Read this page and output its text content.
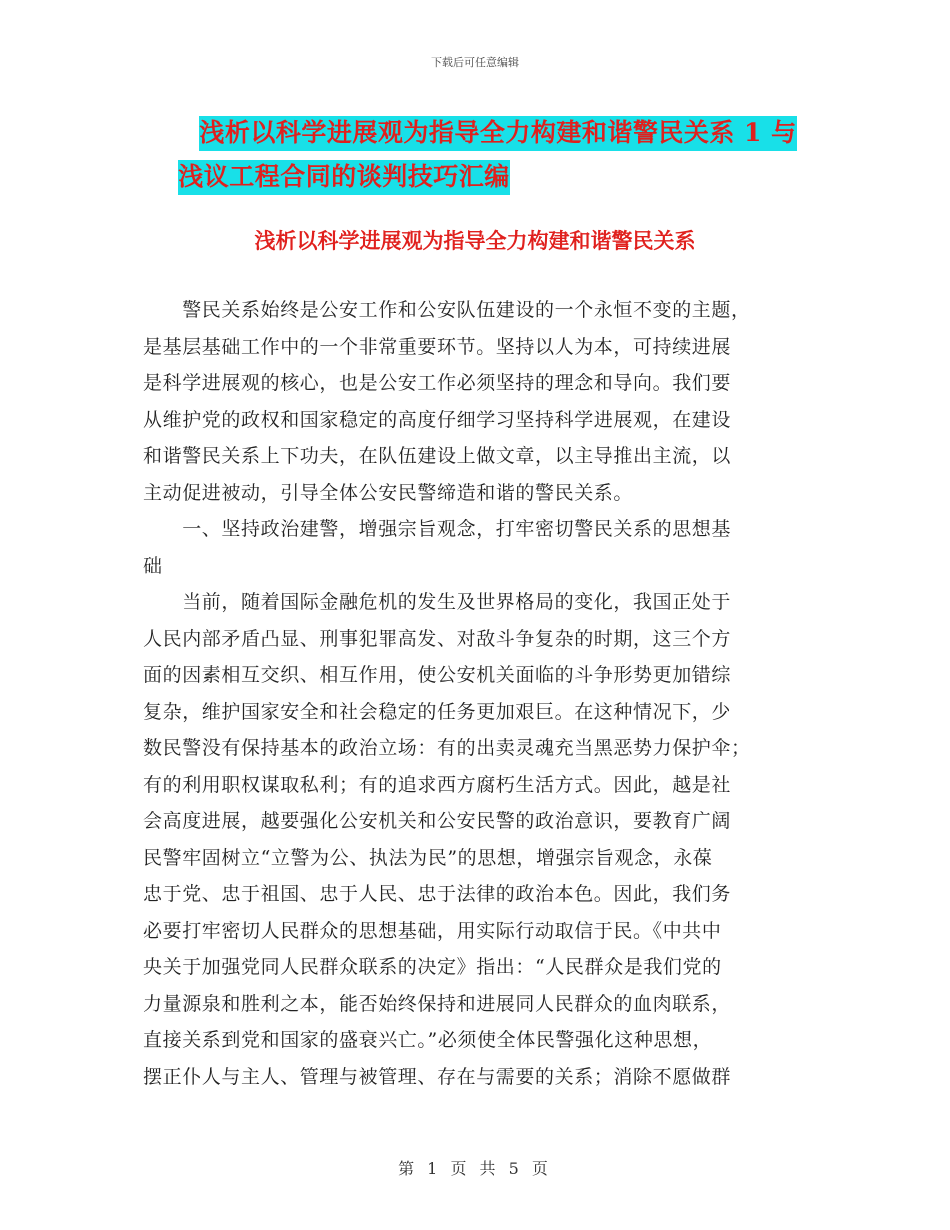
下载后可任意编辑
浅析以科学进展观为指导全力构建和谐警民关系 1 与
浅议工程合同的谈判技巧汇编
浅析以科学进展观为指导全力构建和谐警民关系
　　警民关系始终是公安工作和公安队伍建设的一个永恒不变的主题，
是基层基础工作中的一个非常重要环节。坚持以人为本，可持续进展
是科学进展观的核心，也是公安工作必须坚持的理念和导向。我们要
从维护党的政权和国家稳定的高度仔细学习坚持科学进展观，在建设
和谐警民关系上下功夫，在队伍建设上做文章，以主导推出主流，以
主动促进被动，引导全体公安民警缔造和谐的警民关系。
　　一、坚持政治建警，增强宗旨观念，打牢密切警民关系的思想基
础
　　当前，随着国际金融危机的发生及世界格局的变化，我国正处于
人民内部矛盾凸显、刑事犯罪高发、对敌斗争复杂的时期，这三个方
面的因素相互交织、相互作用，使公安机关面临的斗争形势更加错综
复杂，维护国家安全和社会稳定的任务更加艰巨。在这种情况下，少
数民警没有保持基本的政治立场：有的出卖灵魂充当黑恶势力保护伞；
有的利用职权谋取私利；有的追求西方腐朽生活方式。因此，越是社
会高度进展，越要强化公安机关和公安民警的政治意识，要教育广阔
民警牢固树立“立警为公、执法为民”的思想，增强宗旨观念，永葆
忠于党、忠于祖国、忠于人民、忠于法律的政治本色。因此，我们务
必要打牢密切人民群众的思想基础，用实际行动取信于民。《中共中
央关于加强党同人民群众联系的决定》指出：“人民群众是我们党的
力量源泉和胜利之本，能否始终保持和进展同人民群众的血肉联系，
直接关系到党和国家的盛衰兴亡。”必须使全体民警强化这种思想，
摆正仆人与主人、管理与被管理、存在与需要的关系；消除不愿做群
第 1 页 共 5 页
